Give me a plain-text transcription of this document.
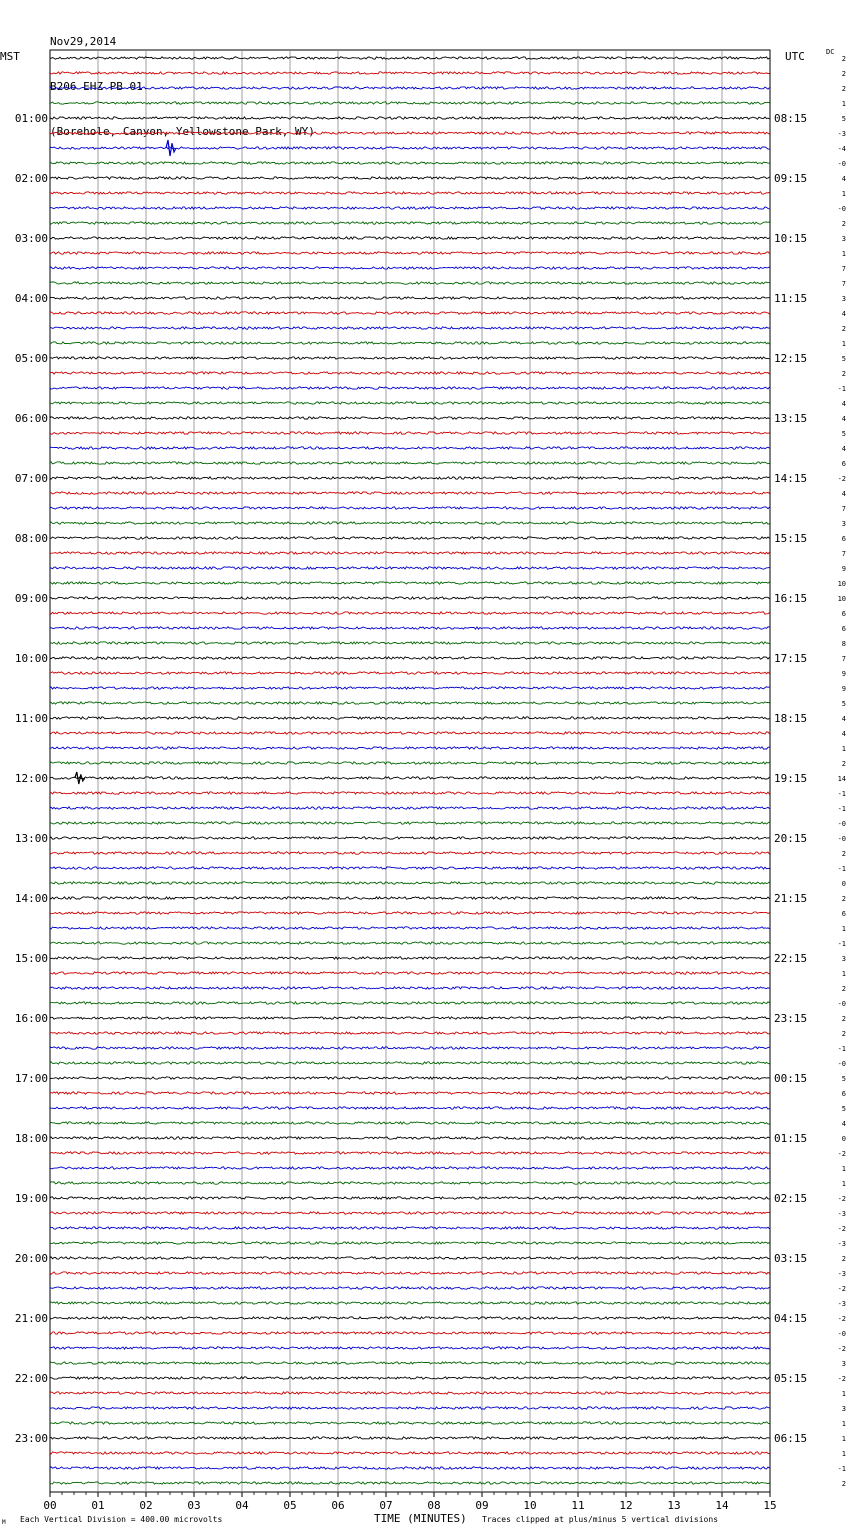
Nov29,2014

B206 EHZ PB 01

(Borehole, Canyon, Yellowstone Park, WY)

MST	UTC	DC
01:00
02:00
03:00
04:00
05:00
06:00
07:00
08:00
09:00
10:00
11:00
12:00
13:00
14:00
15:00
16:00
17:00
18:00
19:00
20:00
21:00
22:00
23:00
08:15
09:15
10:15
11:15
12:15
13:15
14:15
15:15
16:15
17:15
18:15
19:15
20:15
21:15
22:15
23:15
00:15
01:15
02:15
03:15
04:15
05:15
06:15
2
2
2
1
5
-3
-4
-0
4
1
-0
2
3
1
7
7
3
4
2
1
5
2
-1
4
4
5
4
6
-2
4
7
3
6
7
9
10
10
6
6
8
7
9
9
5
4
4
1
2
14
-1
-1
-0
-0
2
-1
0
2
6
1
-1
3
1
2
-0
2
2
-1
-0
5
6
5
4
0
-2
1
1
-2
-3
-2
-3
2
-3
-2
-3
-2
-0
-2
3
-2
1
3
1
1
1
-1
2
00	01	02	03	04	05	06	07	08	09	10	11	12	13	14	15
M Each Vertical Division = 400.00 microvolts	TIME (MINUTES) Traces clipped at plus/minus 5 vertical divisions
